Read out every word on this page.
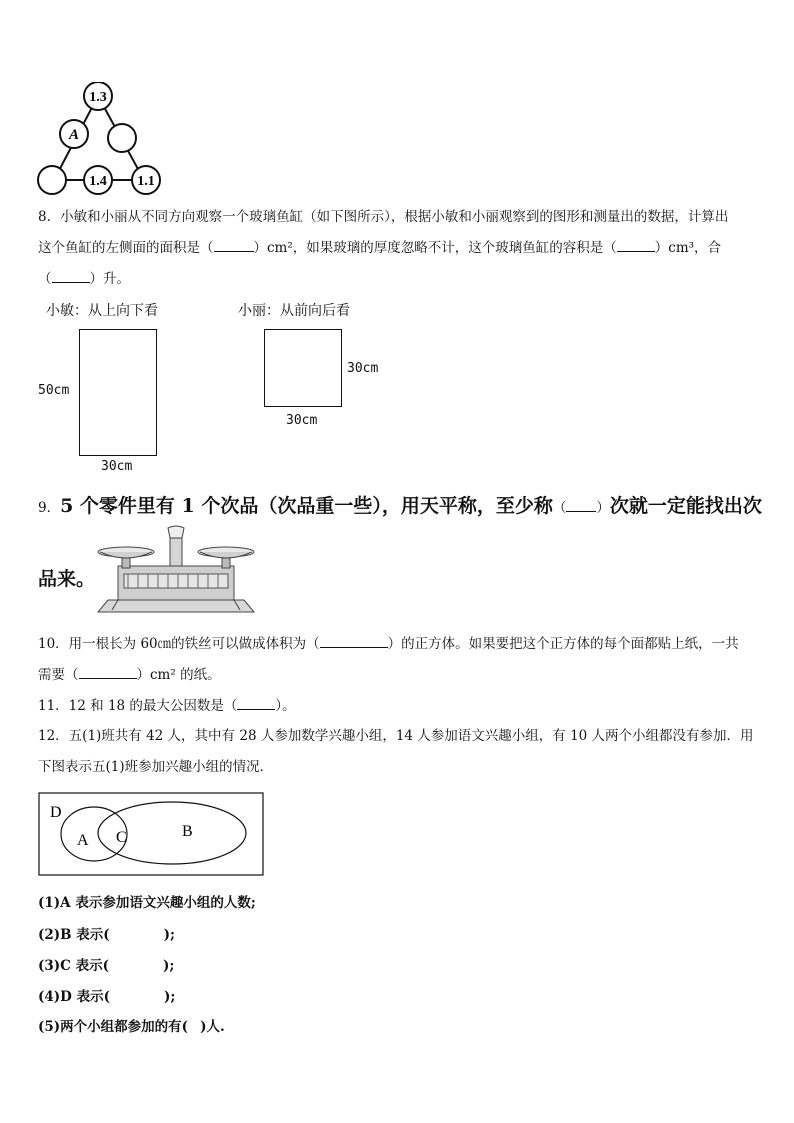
1.3
A
1.4 1.1
8．小敏和小丽从不同方向观察一个玻璃鱼缸（如下图所示），根据小敏和小丽观察到的图形和测量出的数据，计算出
这个鱼缸的左侧面的面积是（	）cm²，如果玻璃的厚度忽略不计，这个玻璃鱼缸的容积是（	）cm³，合
（	）升。
小敏：从上向下看	小丽：从前向后看
50cm
30cm
30cm
30cm
9．5 个零件里有 1 个次品（次品重一些），用天平称，至少称（ ）次就一定能找出次
品来。
10．用一根长为 60㎝的铁丝可以做成体积为（	）的正方体。如果要把这个正方体的每个面都贴上纸，一共
需要（	）cm² 的纸。
11．12 和 18 的最大公因数是（	）。
12．五(1)班共有 42 人，其中有 28 人参加数学兴趣小组，14 人参加语文兴趣小组，有 10 人两个小组都没有参加．用
下图表示五(1)班参加兴趣小组的情况．
D
A C	B
(1)A 表示参加语文兴趣小组的人数;
(2)B 表示(	);
(3)C 表示(	);
(4)D 表示(	);
(5)两个小组都参加的有( )人.
